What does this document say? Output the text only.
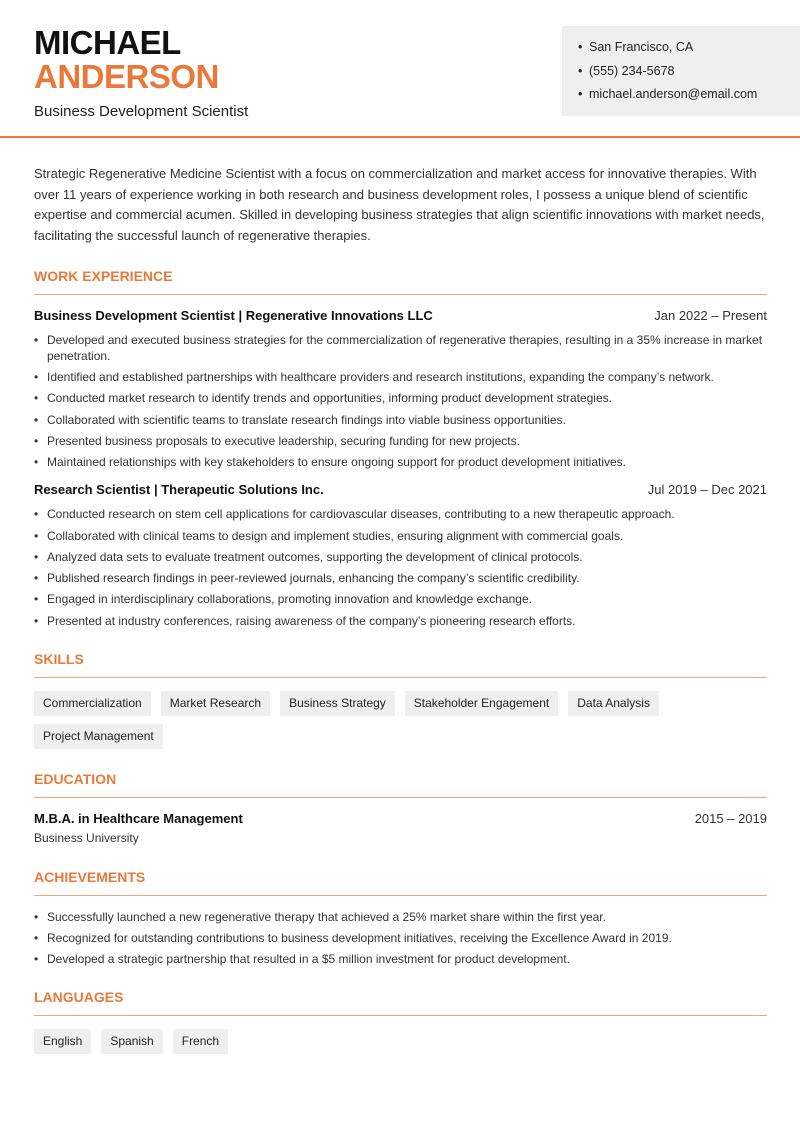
MICHAEL
ANDERSON
Business Development Scientist
• San Francisco, CA
• (555) 234-5678
• michael.anderson@email.com

Strategic Regenerative Medicine Scientist with a focus on commercialization and market access for innovative therapies. With over 11 years of experience working in both research and business development roles, I possess a unique blend of scientific expertise and commercial acumen. Skilled in developing business strategies that align scientific innovations with market needs, facilitating the successful launch of regenerative therapies.

WORK EXPERIENCE
Business Development Scientist | Regenerative Innovations LLC	Jan 2022 – Present
• Developed and executed business strategies for the commercialization of regenerative therapies, resulting in a 35% increase in market penetration.
• Identified and established partnerships with healthcare providers and research institutions, expanding the company’s network.
• Conducted market research to identify trends and opportunities, informing product development strategies.
• Collaborated with scientific teams to translate research findings into viable business opportunities.
• Presented business proposals to executive leadership, securing funding for new projects.
• Maintained relationships with key stakeholders to ensure ongoing support for product development initiatives.
Research Scientist | Therapeutic Solutions Inc.	Jul 2019 – Dec 2021
• Conducted research on stem cell applications for cardiovascular diseases, contributing to a new therapeutic approach.
• Collaborated with clinical teams to design and implement studies, ensuring alignment with commercial goals.
• Analyzed data sets to evaluate treatment outcomes, supporting the development of clinical protocols.
• Published research findings in peer-reviewed journals, enhancing the company’s scientific credibility.
• Engaged in interdisciplinary collaborations, promoting innovation and knowledge exchange.
• Presented at industry conferences, raising awareness of the company’s pioneering research efforts.
SKILLS
Commercialization	Market Research	Business Strategy	Stakeholder Engagement	Data Analysis
Project Management
EDUCATION
M.B.A. in Healthcare Management	2015 – 2019
Business University
ACHIEVEMENTS
• Successfully launched a new regenerative therapy that achieved a 25% market share within the first year.
• Recognized for outstanding contributions to business development initiatives, receiving the Excellence Award in 2019.
• Developed a strategic partnership that resulted in a $5 million investment for product development.
LANGUAGES
English	Spanish	French
